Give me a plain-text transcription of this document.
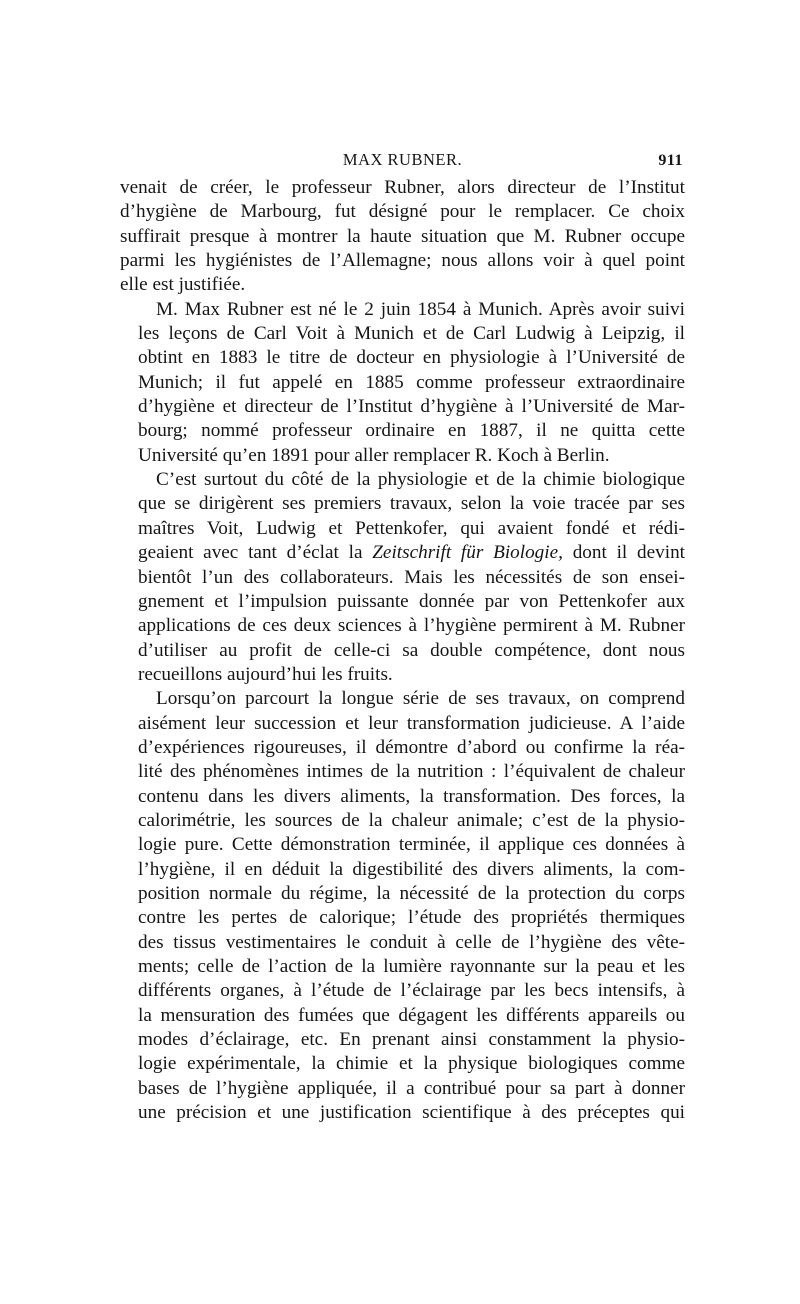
MAX RUBNER.	911

venait de créer, le professeur Rubner, alors directeur de l’Institut
d’hygiène de Marbourg, fut désigné pour le remplacer. Ce choix
suffirait presque à montrer la haute situation que M. Rubner occupe
parmi les hygiénistes de l’Allemagne; nous allons voir à quel point
elle est justifiée.

M. Max Rubner est né le 2 juin 1854 à Munich. Après avoir suivi
les leçons de Carl Voit à Munich et de Carl Ludwig à Leipzig, il
obtint en 1883 le titre de docteur en physiologie à l’Université de
Munich; il fut appelé en 1885 comme professeur extraordinaire
d’hygiène et directeur de l’Institut d’hygiène à l’Université de Mar-
bourg; nommé professeur ordinaire en 1887, il ne quitta cette
Université qu’en 1891 pour aller remplacer R. Koch à Berlin.

C’est surtout du côté de la physiologie et de la chimie biologique
que se dirigèrent ses premiers travaux, selon la voie tracée par ses
maîtres Voit, Ludwig et Pettenkofer, qui avaient fondé et rédi-
geaient avec tant d’éclat la Zeitschrift für Biologie, dont il devint
bientôt l’un des collaborateurs. Mais les nécessités de son ensei-
gnement et l’impulsion puissante donnée par von Pettenkofer aux
applications de ces deux sciences à l’hygiène permirent à M. Rubner
d’utiliser au profit de celle-ci sa double compétence, dont nous
recueillons aujourd’hui les fruits.

Lorsqu’on parcourt la longue série de ses travaux, on comprend
aisément leur succession et leur transformation judicieuse. A l’aide
d’expériences rigoureuses, il démontre d’abord ou confirme la réa-
lité des phénomènes intimes de la nutrition : l’équivalent de chaleur
contenu dans les divers aliments, la transformation. Des forces, la
calorimétrie, les sources de la chaleur animale; c’est de la physio-
logie pure. Cette démonstration terminée, il applique ces données à
l’hygiène, il en déduit la digestibilité des divers aliments, la com-
position normale du régime, la nécessité de la protection du corps
contre les pertes de calorique; l’étude des propriétés thermiques
des tissus vestimentaires le conduit à celle de l’hygiène des vête-
ments; celle de l’action de la lumière rayonnante sur la peau et les
différents organes, à l’étude de l’éclairage par les becs intensifs, à
la mensuration des fumées que dégagent les différents appareils ou
modes d’éclairage, etc. En prenant ainsi constamment la physio-
logie expérimentale, la chimie et la physique biologiques comme
bases de l’hygiène appliquée, il a contribué pour sa part à donner
une précision et une justification scientifique à des préceptes qui
